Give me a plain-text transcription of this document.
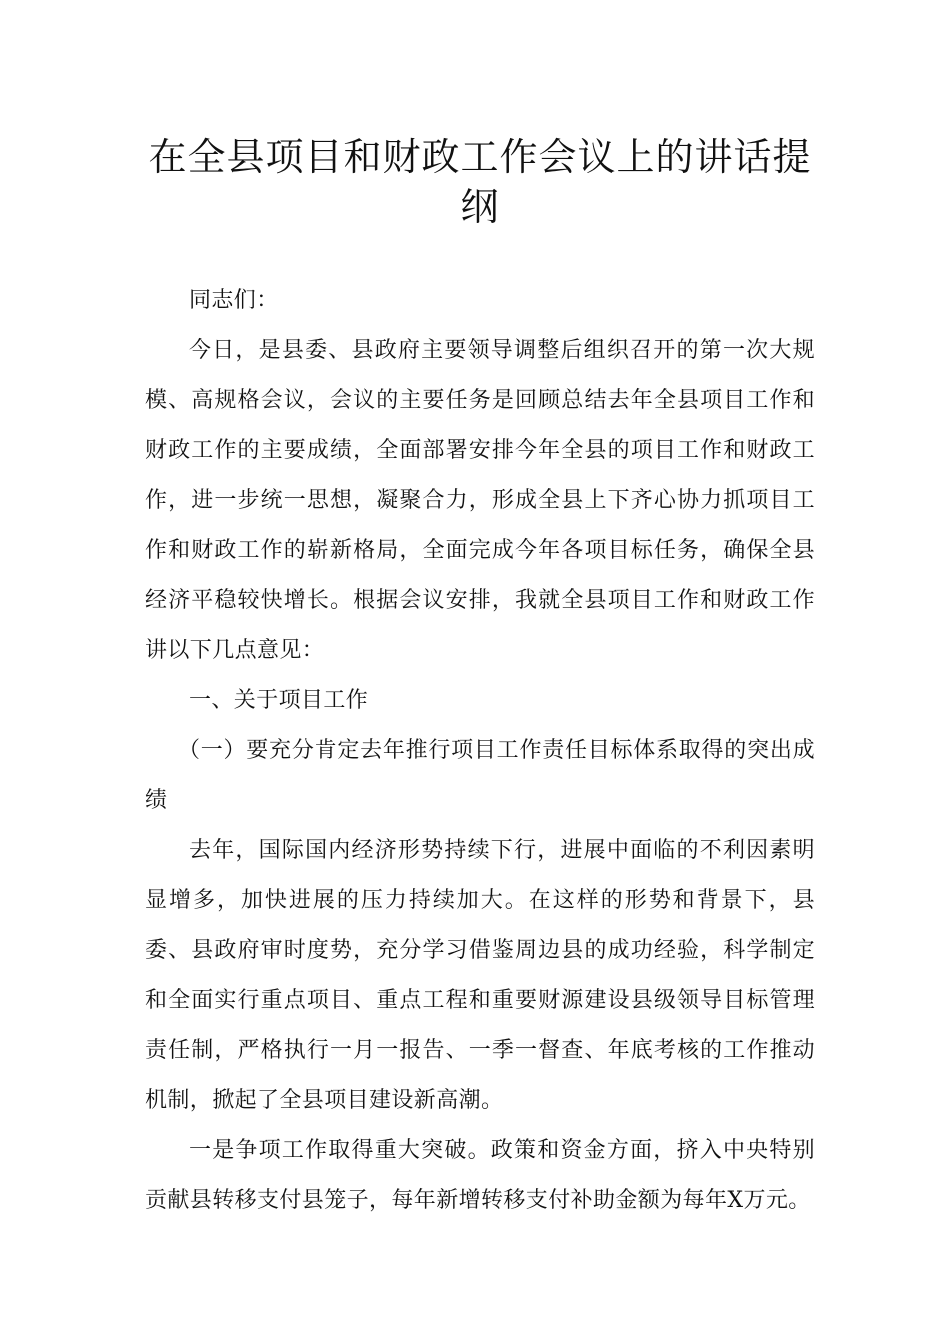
在全县项目和财政工作会议上的讲话提纲

同志们：

今日，是县委、县政府主要领导调整后组织召开的第一次大规模、高规格会议，会议的主要任务是回顾总结去年全县项目工作和财政工作的主要成绩，全面部署安排今年全县的项目工作和财政工作，进一步统一思想，凝聚合力，形成全县上下齐心协力抓项目工作和财政工作的崭新格局，全面完成今年各项目标任务，确保全县经济平稳较快增长。根据会议安排，我就全县项目工作和财政工作讲以下几点意见：

一、关于项目工作

（一）要充分肯定去年推行项目工作责任目标体系取得的突出成绩

去年，国际国内经济形势持续下行，进展中面临的不利因素明显增多，加快进展的压力持续加大。在这样的形势和背景下，县委、县政府审时度势，充分学习借鉴周边县的成功经验，科学制定和全面实行重点项目、重点工程和重要财源建设县级领导目标管理责任制，严格执行一月一报告、一季一督查、年底考核的工作推动机制，掀起了全县项目建设新高潮。

一是争项工作取得重大突破。政策和资金方面，挤入中央特别贡献县转移支付县笼子，每年新增转移支付补助金额为每年X万元。
